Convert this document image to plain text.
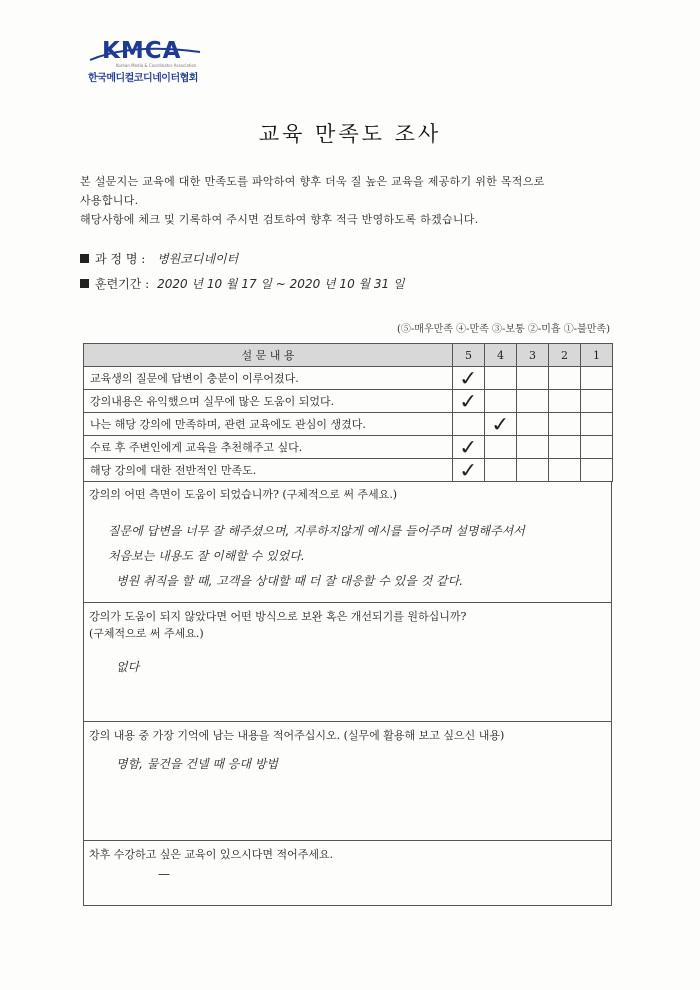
KMCA
Korean Media & Coordinator Association
한국메디컬코디네이터협회
교육 만족도 조사
본 설문지는 교육에 대한 만족도를 파악하여 향후 더욱 질 높은 교육을 제공하기 위한 목적으로
사용합니다.
해당사항에 체크 및 기록하여 주시면 검토하여 향후 적극 반영하도록 하겠습니다.
과 정 명 : 병원코디네이터
훈련기간 : 2020 년 10 월 17 일 ~ 2020 년 10 월 31 일
(⑤-매우만족 ④-만족 ③-보통 ②-미흡 ①-불만족)
설 문 내 용	5	4	3	2	1
교육생의 질문에 답변이 충분이 이루어졌다.	✓				
강의내용은 유익했으며 실무에 많은 도움이 되었다.	✓				
나는 해당 강의에 만족하며, 관련 교육에도 관심이 생겼다.		✓			
수료 후 주변인에게 교육을 추천해주고 싶다.	✓				
해당 강의에 대한 전반적인 만족도.	✓				
강의의 어떤 측면이 도움이 되었습니까? (구체적으로 써 주세요.)
질문에 답변을 너무 잘 해주셨으며, 지루하지않게 예시를 들어주며 설명해주셔서
처음보는 내용도 잘 이해할 수 있었다.
병원 취직을 할 때, 고객을 상대할 때 더 잘 대응할 수 있을 것 같다.
강의가 도움이 되지 않았다면 어떤 방식으로 보완 혹은 개선되기를 원하십니까?
(구체적으로 써 주세요.)
없다
강의 내용 중 가장 기억에 남는 내용을 적어주십시오. (실무에 활용해 보고 싶으신 내용)
명함, 물건을 건넬 때 응대 방법
차후 수강하고 싶은 교육이 있으시다면 적어주세요.
—
